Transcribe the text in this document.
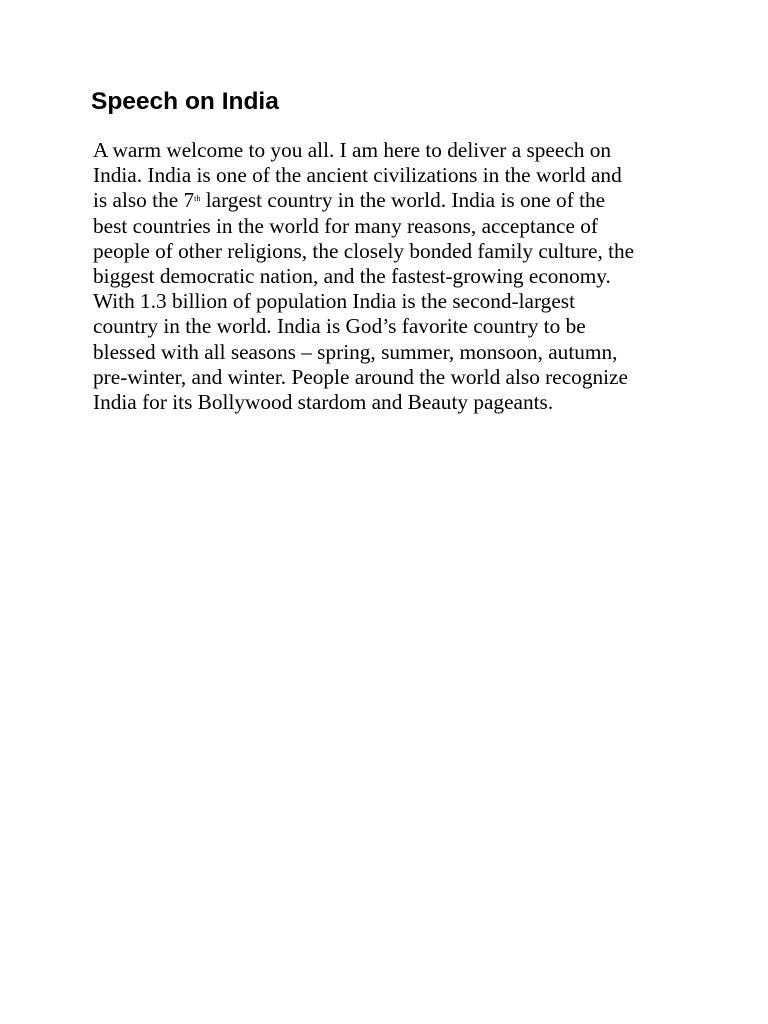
Speech on India
A warm welcome to you all. I am here to deliver a speech on
India. India is one of the ancient civilizations in the world and
is also the 7th largest country in the world. India is one of the
best countries in the world for many reasons, acceptance of
people of other religions, the closely bonded family culture, the
biggest democratic nation, and the fastest-growing economy.
With 1.3 billion of population India is the second-largest
country in the world. India is God’s favorite country to be
blessed with all seasons – spring, summer, monsoon, autumn,
pre-winter, and winter. People around the world also recognize
India for its Bollywood stardom and Beauty pageants.
